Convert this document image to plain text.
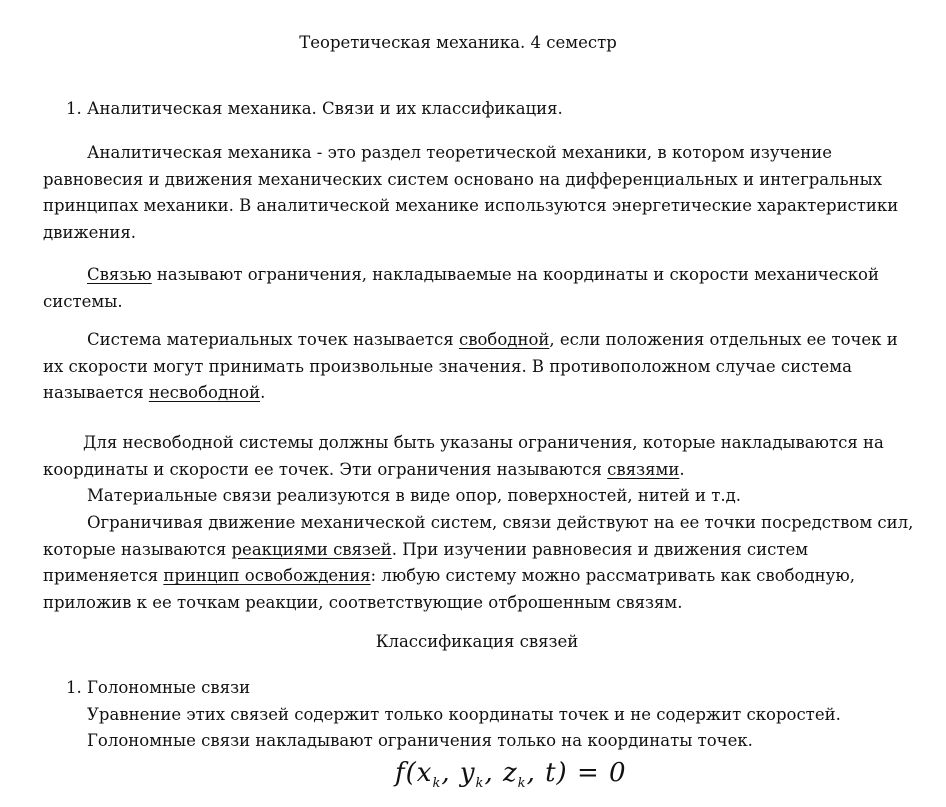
Теоретическая механика. 4 семестр
1. Аналитическая механика. Связи и их классификация.

Аналитическая механика - это раздел теоретической механики, в котором изучение равновесия и движения механических систем основано на дифференциальных и интегральных принципах механики. В аналитической механике используются энергетические характеристики движения.

Связью называют ограничения, накладываемые на координаты и скорости механической системы.

Система материальных точек называется свободной, если положения отдельных ее точек и их скорости могут принимать произвольные значения. В противоположном случае система называется несвободной.

Для несвободной системы должны быть указаны ограничения, которые накладываются на координаты и скорости ее точек. Эти ограничения называются связями.

Материальные связи реализуются в виде опор, поверхностей, нитей и т.д.

Ограничивая движение механической систем, связи действуют на ее точки посредством сил, которые называются реакциями связей. При изучении равновесия и движения систем применяется принцип освобождения: любую систему можно рассматривать как свободную, приложив к ее точкам реакции, соответствующие отброшенным связям.

Классификация связей
1. Голономные связи
Уравнение этих связей содержит только координаты точек и не содержит скоростей.
Голономные связи накладывают ограничения только на координаты точек.
$f(x_k$, $y_k$, $z_k$, t) = 0
